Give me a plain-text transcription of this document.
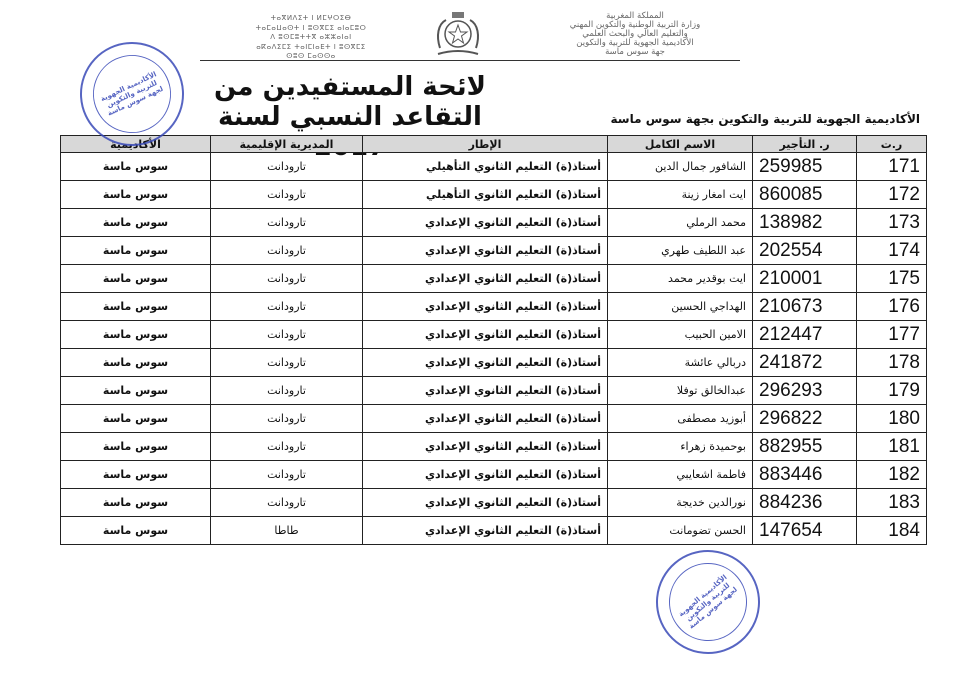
المملكة المغربية
وزارة التربية الوطنية والتكوين المهني
والتعليم العالي والبحث العلمي
الأكاديمية الجهوية للتربية والتكوين
جهة سوس ماسة
ⵜⴰⴳⵍⴷⵉⵜ ⵏ ⵍⵎⵖⵔⵉⴱ
ⵜⴰⵎⴰⵡⴰⵙⵜ ⵏ ⵓⵙⴳⵎⵉ ⴰⵏⴰⵎⵓⵔ
ⴷ ⵓⵙⵎⵓⵜⵜⴳ ⴰⵣⵣⴰⵏⴰⵏ
ⴰⴽⴰⴷⵉⵎⵉ ⵜⴰⵏⵎⵏⴰⴹⵜ ⵏ ⵓⵙⴳⵎⵉ
ⵙⵓⵙ ⵎⴰⵙⵙⴰ
لائحة المستفيدين من التقاعد النسبي لسنة	الأكاديمية الجهوية للتربية والتكوين بجهة سوس ماسة
ر.ت	ر. التأجير	الاسم الكامل	الإطار	المديرية الإقليمية	الأكاديمية
171	259985	الشافور جمال الدين	أستاذ(ة) التعليم الثانوي التأهيلي	تارودانت	سوس ماسة
172	860085	ايت امغار زينة	أستاذ(ة) التعليم الثانوي التأهيلي	تارودانت	سوس ماسة
173	138982	محمد الرملي	أستاذ(ة) التعليم الثانوي الإعدادي	تارودانت	سوس ماسة
174	202554	عبد اللطيف طهري	أستاذ(ة) التعليم الثانوي الإعدادي	تارودانت	سوس ماسة
175	210001	ايت بوقدير محمد	أستاذ(ة) التعليم الثانوي الإعدادي	تارودانت	سوس ماسة
176	210673	الهداجي الحسين	أستاذ(ة) التعليم الثانوي الإعدادي	تارودانت	سوس ماسة
177	212447	الامين الحبيب	أستاذ(ة) التعليم الثانوي الإعدادي	تارودانت	سوس ماسة
178	241872	دربالي عائشة	أستاذ(ة) التعليم الثانوي الإعدادي	تارودانت	سوس ماسة
179	296293	عبدالخالق توفلا	أستاذ(ة) التعليم الثانوي الإعدادي	تارودانت	سوس ماسة
180	296822	أبوزيد مصطفى	أستاذ(ة) التعليم الثانوي الإعدادي	تارودانت	سوس ماسة
181	882955	بوحميدة زهراء	أستاذ(ة) التعليم الثانوي الإعدادي	تارودانت	سوس ماسة
182	883446	فاطمة اشعايبي	أستاذ(ة) التعليم الثانوي الإعدادي	تارودانت	سوس ماسة
183	884236	نورالدين خديجة	أستاذ(ة) التعليم الثانوي الإعدادي	تارودانت	سوس ماسة
184	147654	الحسن تضومانت	أستاذ(ة) التعليم الثانوي الإعدادي	طاطا	سوس ماسة
الأكاديمية الجهوية للتربية والتكوين لجهة سوس ماسة
الأكاديمية الجهوية للتربية والتكوين لجهة سوس ماسة
